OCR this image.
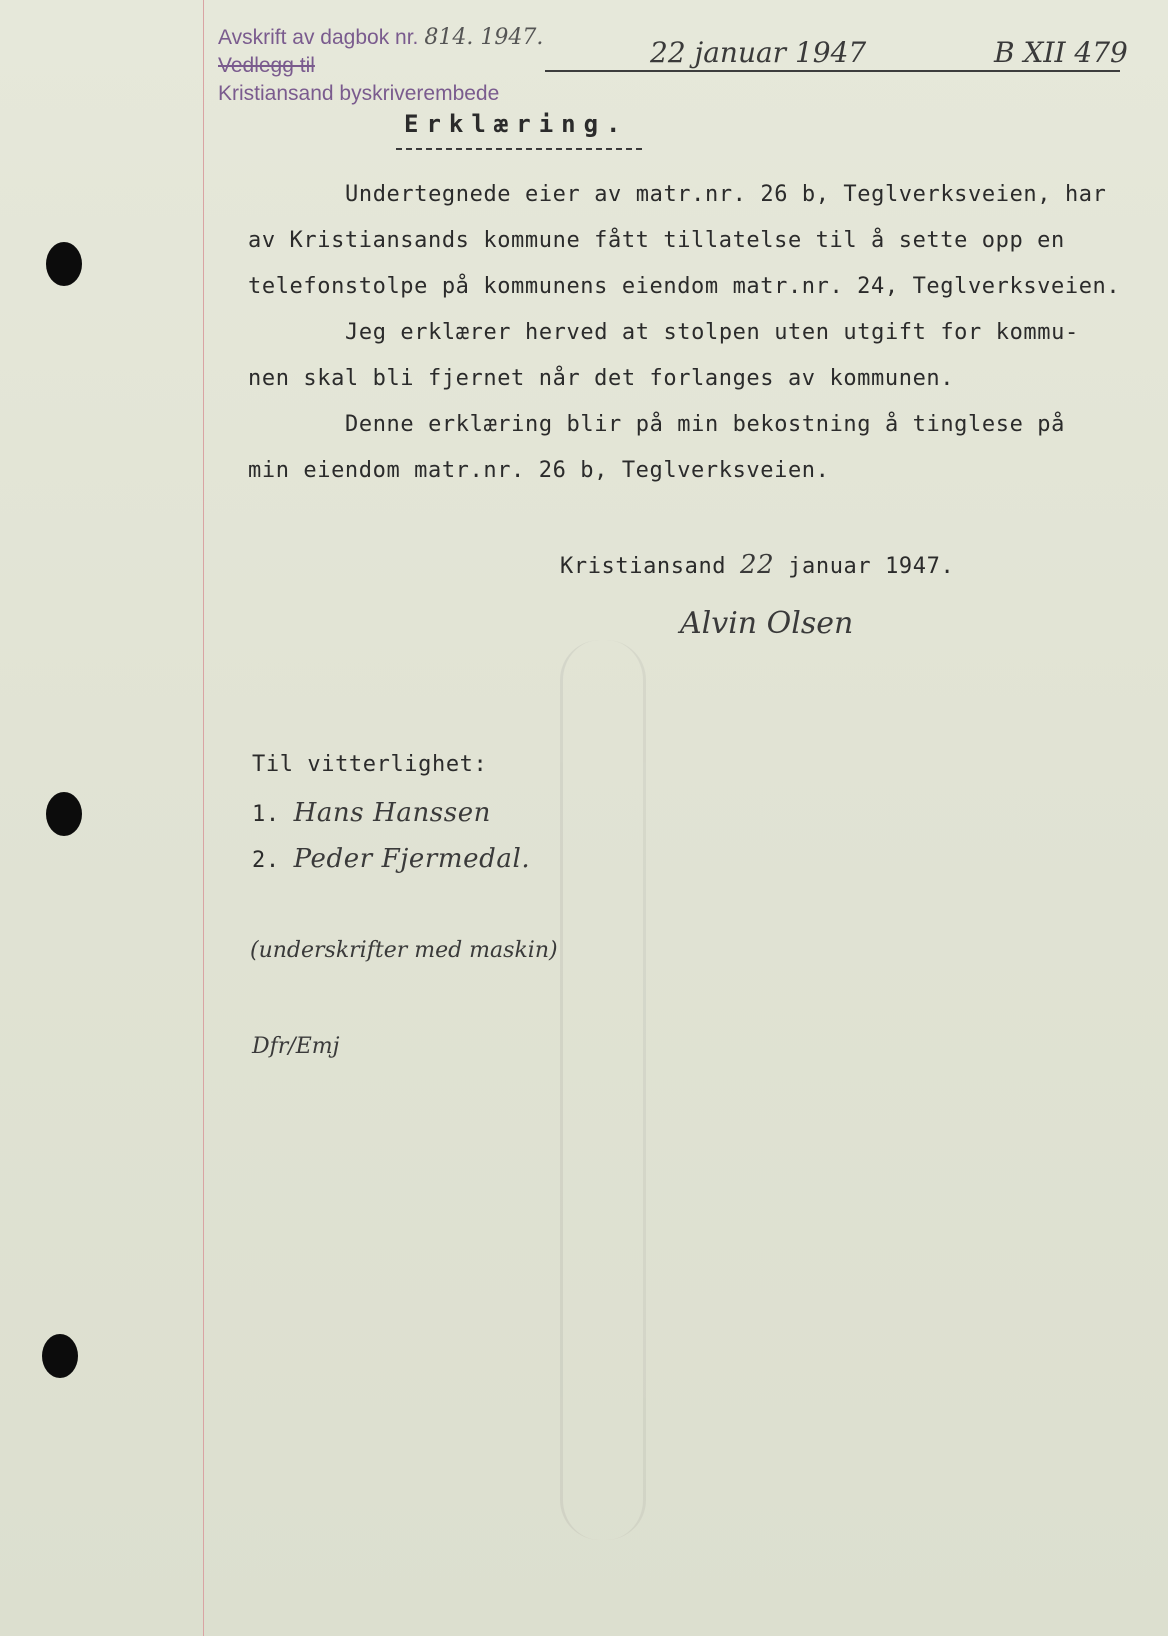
Avskrift av dagbok nr. 814. 1947.
Vedlegg til
Kristiansand byskriverembede
22 januar 1947	B XII 479
Erklæring.
Undertegnede eier av matr.nr. 26 b, Teglverksveien, har
av Kristiansands kommune fått tillatelse til å sette opp en
telefonstolpe på kommunens eiendom matr.nr. 24, Teglverksveien.
Jeg erklærer herved at stolpen uten utgift for kommu-
nen skal bli fjernet når det forlanges av kommunen.
Denne erklæring blir på min bekostning å tinglese på
min eiendom matr.nr. 26 b, Teglverksveien.
Kristiansand 22 januar 1947.
Alvin Olsen
Til vitterlighet:
1. Hans Hanssen
2. Peder Fjermedal.
(underskrifter med maskin)
Dfr/Emj
